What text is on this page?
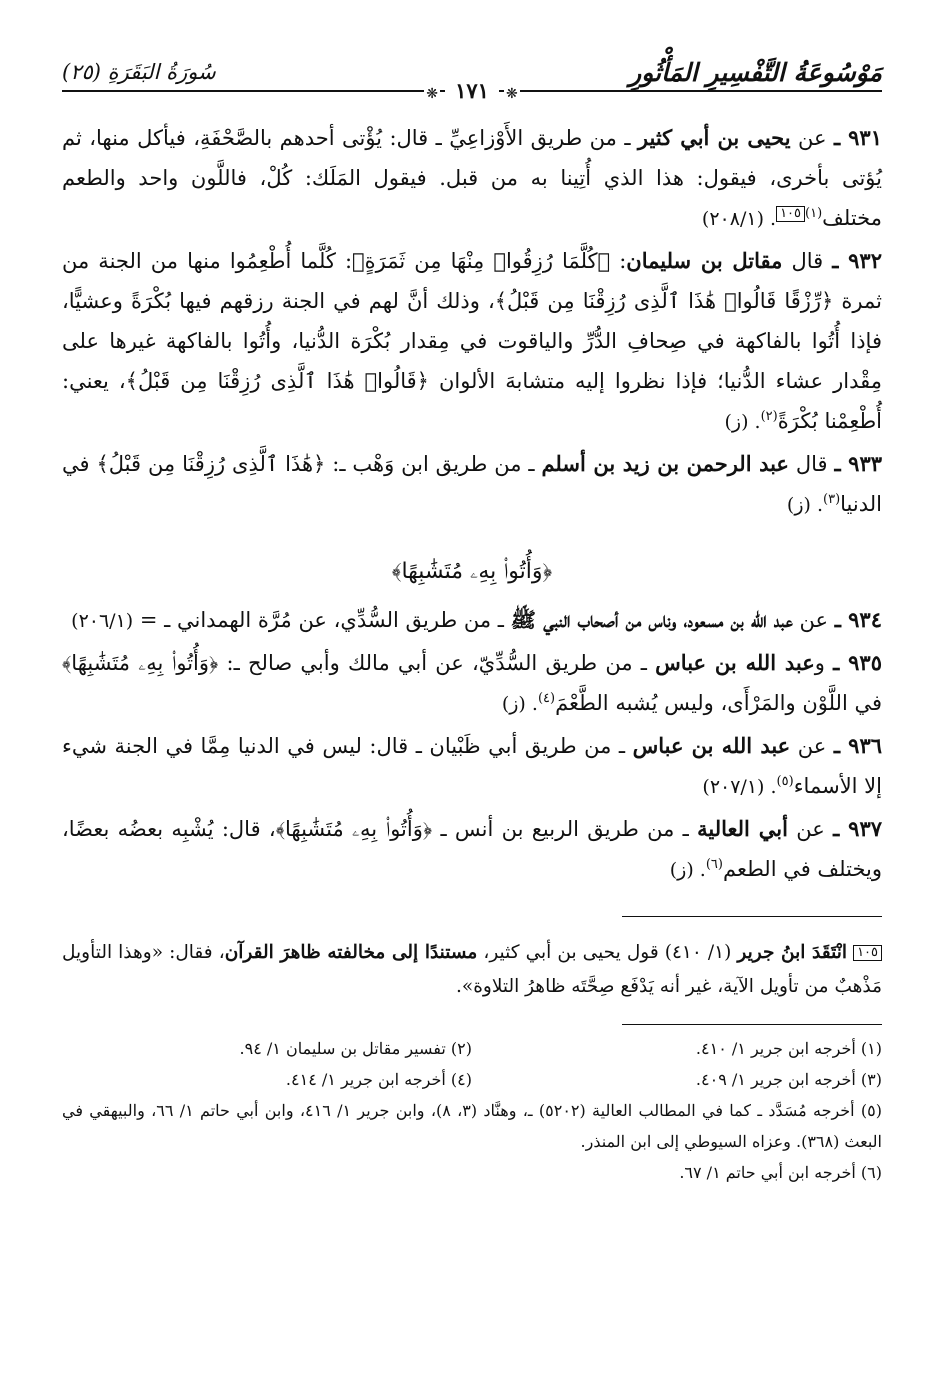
مَوْسُوعَةُ التَّفْسِيرِ المَأْثُورِ
سُورَةُ البَقَرَةِ (٢٥)
❋ ١٧١ ❋

٩٣١ ـ عن يحيى بن أبي كثير ـ من طريق الأَوْزاعِيِّ ـ قال: يُؤْتى أحدهم بالصَّحْفَةِ، فيأكل منها، ثم يُؤتى بأخرى، فيقول: هذا الذي أُتِينا به من قبل. فيقول المَلَك: كُلْ، فاللَّون واحد والطعم مختلف$^{(١)}$١٠٥. (٢٠٨/١)

٩٣٢ ـ قال مقاتل بن سليمان: ﴿كُلَّمَا رُزِقُوا۟ مِنْهَا مِن ثَمَرَةٍ﴾: كُلَّما أُطْعِمُوا منها من الجنة من ثمرة ﴿رِّزْقًا قَالُوا۟ هَٰذَا ٱلَّذِى رُزِقْنَا مِن قَبْلُ﴾، وذلك أنَّ لهم في الجنة رزقهم فيها بُكْرَةً وعشيًّا، فإذا أُتُوا بالفاكهة في صِحافِ الدُّرِّ والياقوت في مِقدار بُكْرَة الدُّنيا، وأُتُوا بالفاكهة غيرها على مِقْدار عشاء الدُّنيا؛ فإذا نظروا إليه متشابهَ الألوان ﴿قَالُوا۟ هَٰذَا ٱلَّذِى رُزِقْنَا مِن قَبْلُ﴾، يعني: أُطْعِمْنا بُكْرَةً$^{(٢)}$. (ز)

٩٣٣ ـ قال عبد الرحمن بن زيد بن أسلم ـ من طريق ابن وَهْب ـ: ﴿هَٰذَا ٱلَّذِى رُزِقْنَا مِن قَبْلُ﴾ في الدنيا$^{(٣)}$. (ز)

﴿وَأُتُوا۟ بِهِۦ مُتَشَٰبِهًا﴾

٩٣٤ ـ عن عبد الله بن مسعود، وناس من أصحاب النبي ﷺ ـ من طريق السُّدِّي، عن مُرَّة الهمداني ـ = (٢٠٦/١)

٩٣٥ ـ وعبد الله بن عباس ـ من طريق السُّدِّيّ، عن أبي مالك وأبي صالح ـ: ﴿وَأُتُوا۟ بِهِۦ مُتَشَٰبِهًا﴾ في اللَّوْن والمَرْأَى، وليس يُشبه الطَّعْمَ$^{(٤)}$. (ز)

٩٣٦ ـ عن عبد الله بن عباس ـ من طريق أبي ظَبْيان ـ قال: ليس في الدنيا مِمَّا في الجنة شيء إلا الأسماء$^{(٥)}$. (٢٠٧/١)

٩٣٧ ـ عن أبي العالية ـ من طريق الربيع بن أنس ـ ﴿وَأُتُوا۟ بِهِۦ مُتَشَٰبِهًا﴾، قال: يُشْبِه بعضُه بعضًا، ويختلف في الطعم$^{(٦)}$. (ز)

١٠٥ انْتَقَدَ ابنُ جرير (١/ ٤١٠) قول يحيى بن أبي كثير، مستندًا إلى مخالفته ظاهرَ القرآن، فقال: «وهذا التأويل مَذْهبٌ من تأويل الآية، غير أنه يَدْفَع صِحَّتَه ظاهرُ التلاوة».

(١) أخرجه ابن جرير ١/ ٤١٠.
(٢) تفسير مقاتل بن سليمان ١/ ٩٤.
(٣) أخرجه ابن جرير ١/ ٤٠٩.
(٤) أخرجه ابن جرير ١/ ٤١٤.
(٥) أخرجه مُسَدَّد ـ كما في المطالب العالية (٥٢٠٢) ـ، وهنَّاد (٣، ٨)، وابن جرير ١/ ٤١٦، وابن أبي حاتم ١/ ٦٦، والبيهقي في البعث (٣٦٨). وعزاه السيوطي إلى ابن المنذر.
(٦) أخرجه ابن أبي حاتم ١/ ٦٧.
